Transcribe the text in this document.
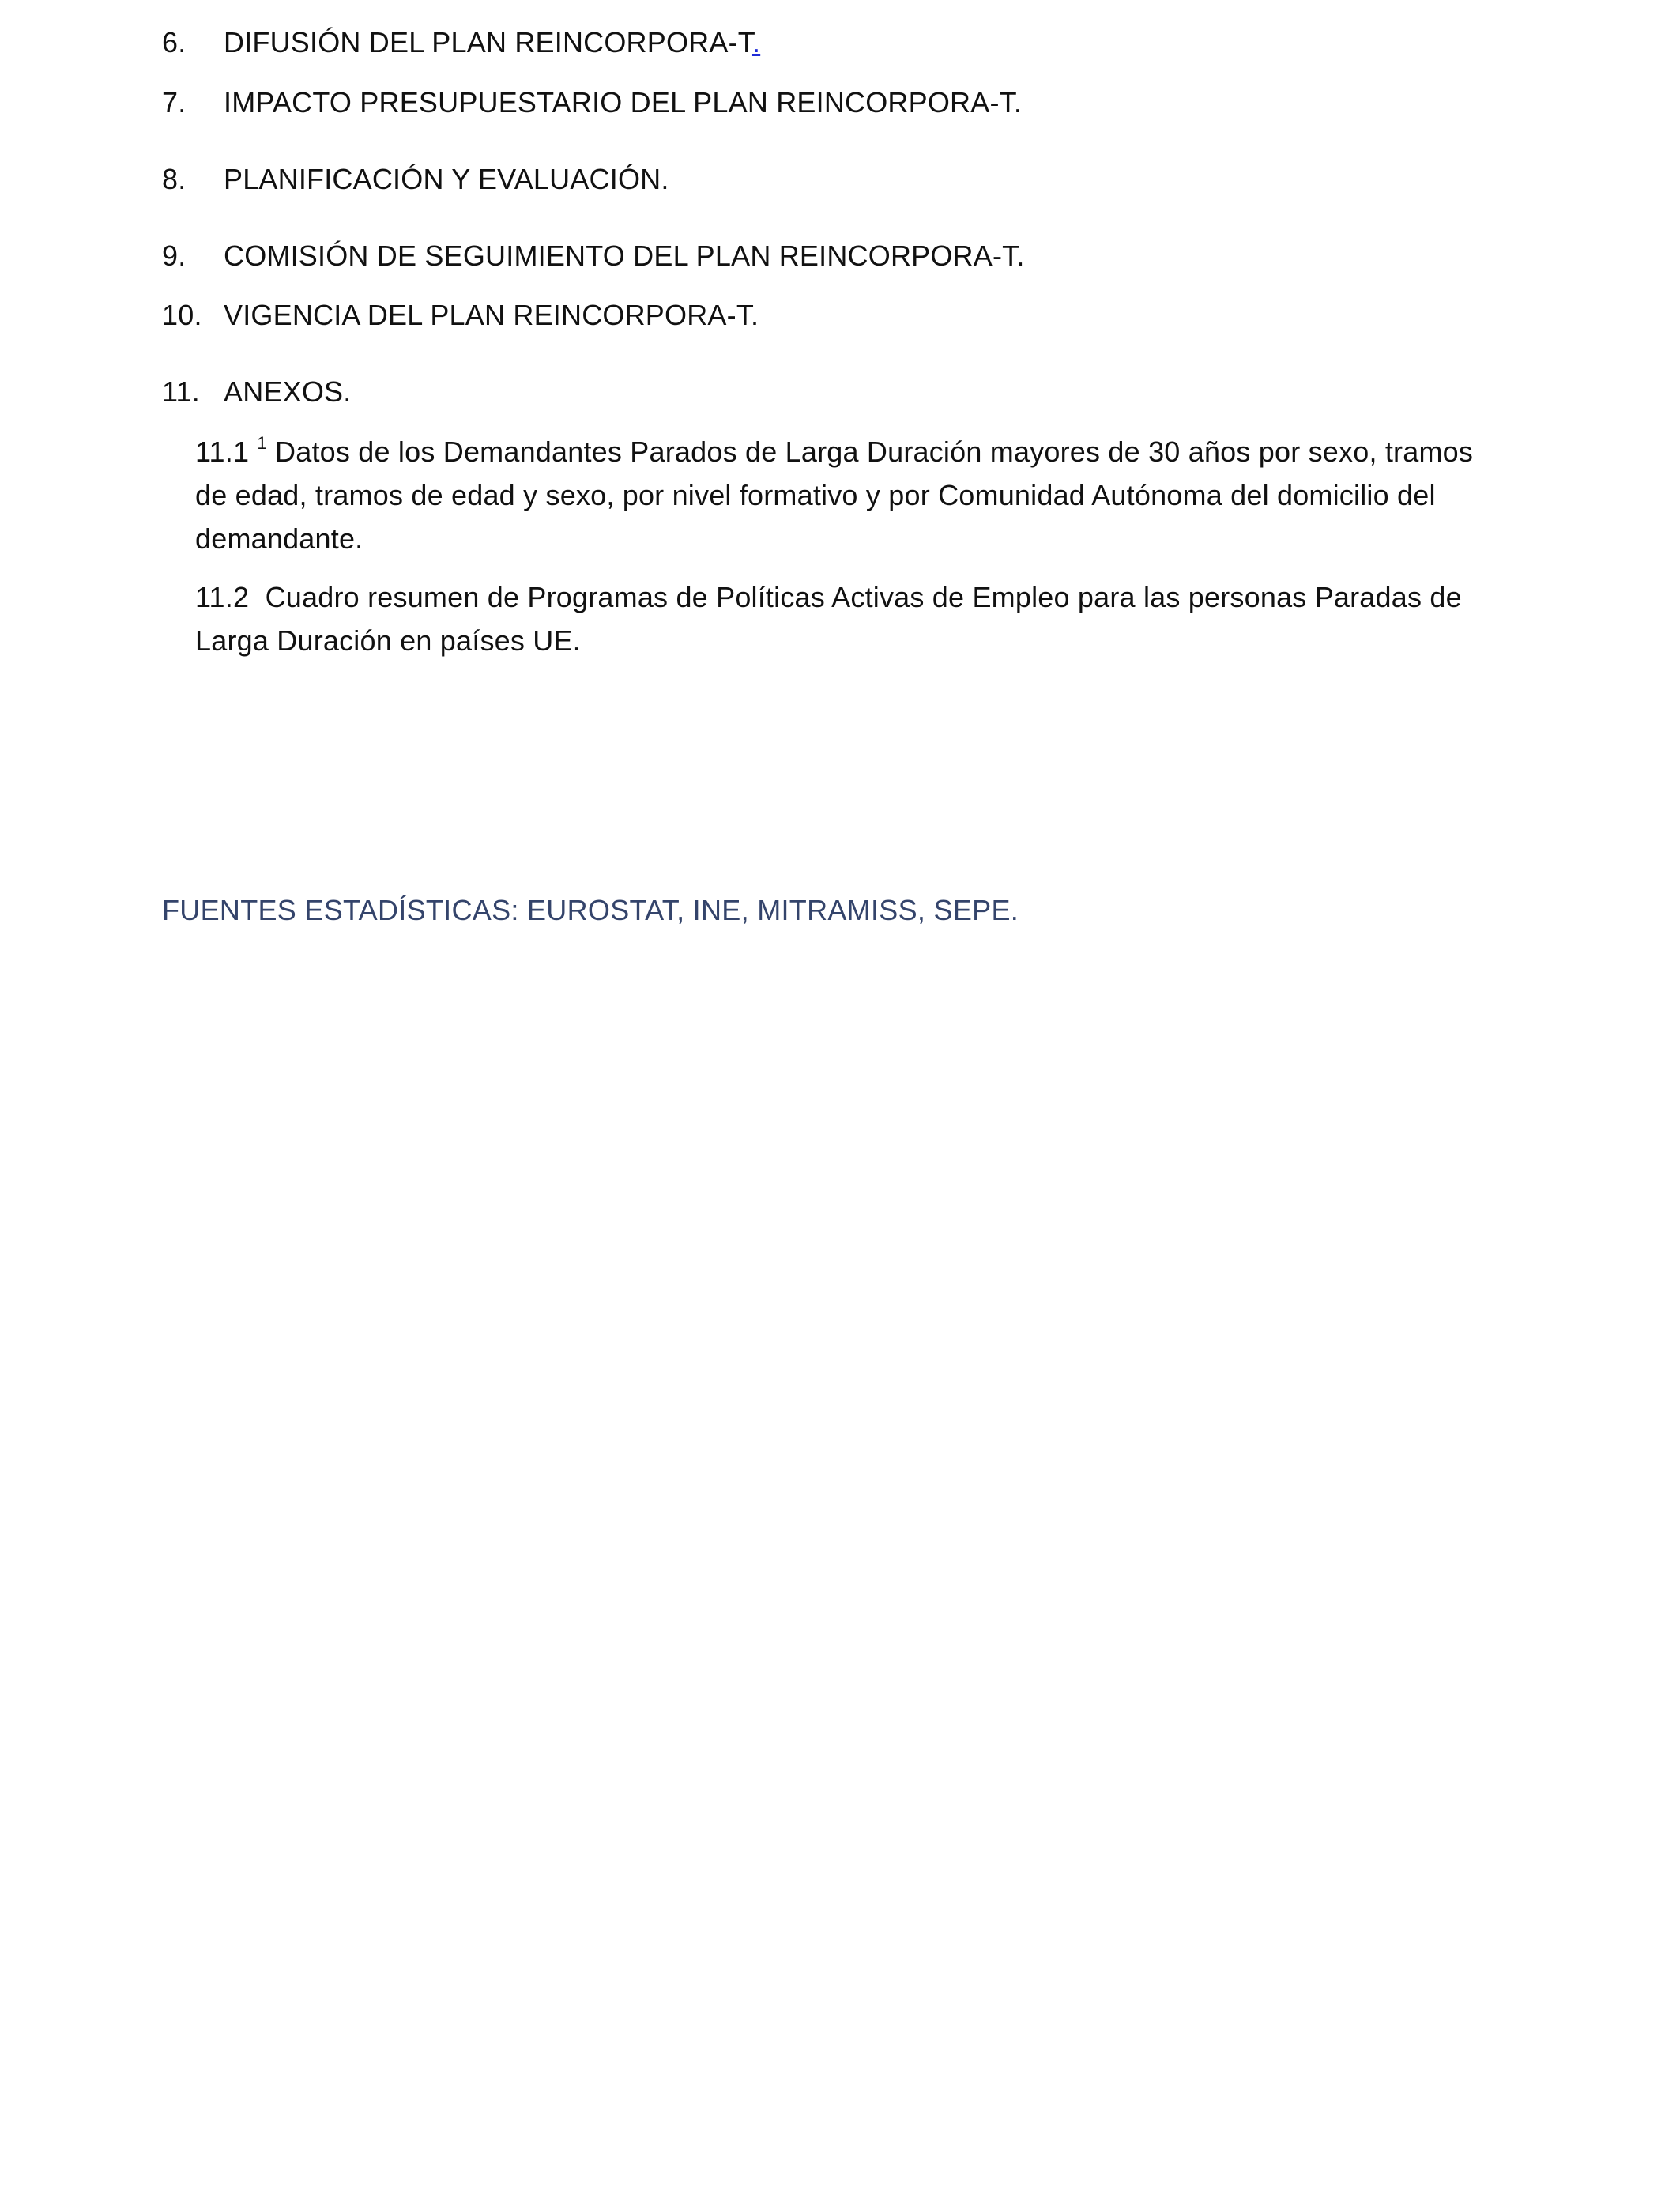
6. DIFUSIÓN DEL PLAN REINCORPORA-T.
7. IMPACTO PRESUPUESTARIO DEL PLAN REINCORPORA-T.
8. PLANIFICACIÓN Y EVALUACIÓN.
9. COMISIÓN DE SEGUIMIENTO DEL PLAN REINCORPORA-T.
10. VIGENCIA DEL PLAN REINCORPORA-T.
11. ANEXOS.
11.1 $^1$ Datos de los Demandantes Parados de Larga Duración mayores de 30 años por sexo, tramos de edad, tramos de edad y sexo, por nivel formativo y por Comunidad Autónoma del domicilio del demandante.
11.2 Cuadro resumen de Programas de Políticas Activas de Empleo para las personas Paradas de Larga Duración en países UE.
FUENTES ESTADÍSTICAS: EUROSTAT, INE, MITRAMISS, SEPE.
